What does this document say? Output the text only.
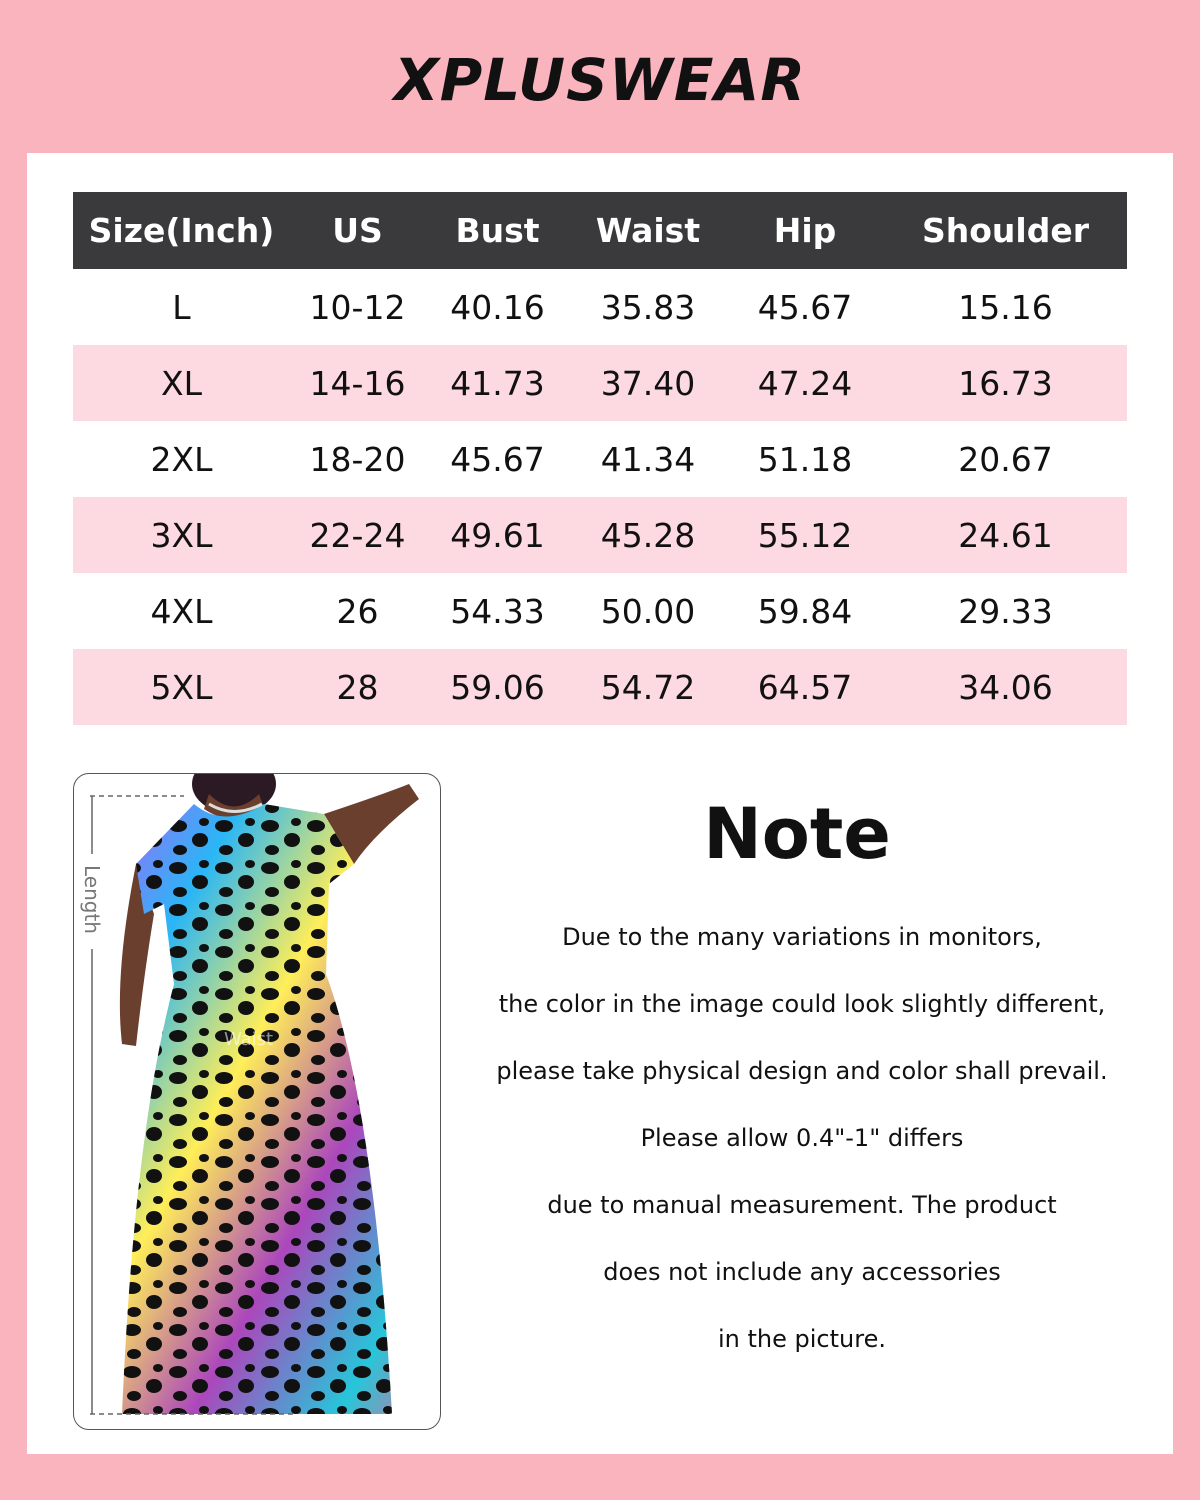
XPLUSWEAR
Size(Inch)	US	Bust	Waist	Hip	Shoulder
L	10-12	40.16	35.83	45.67	15.16
XL	14-16	41.73	37.40	47.24	16.73
2XL	18-20	45.67	41.34	51.18	20.67
3XL	22-24	49.61	45.28	55.12	24.61
4XL	26	54.33	50.00	59.84	29.33
5XL	28	59.06	54.72	64.57	34.06
Length
Waist
Note
Due to the many variations in monitors,
the color in the image could look slightly different,
please take physical design and color shall prevail.
Please allow 0.4"-1" differs
due to manual measurement. The product
does not include any accessories
in the picture.
